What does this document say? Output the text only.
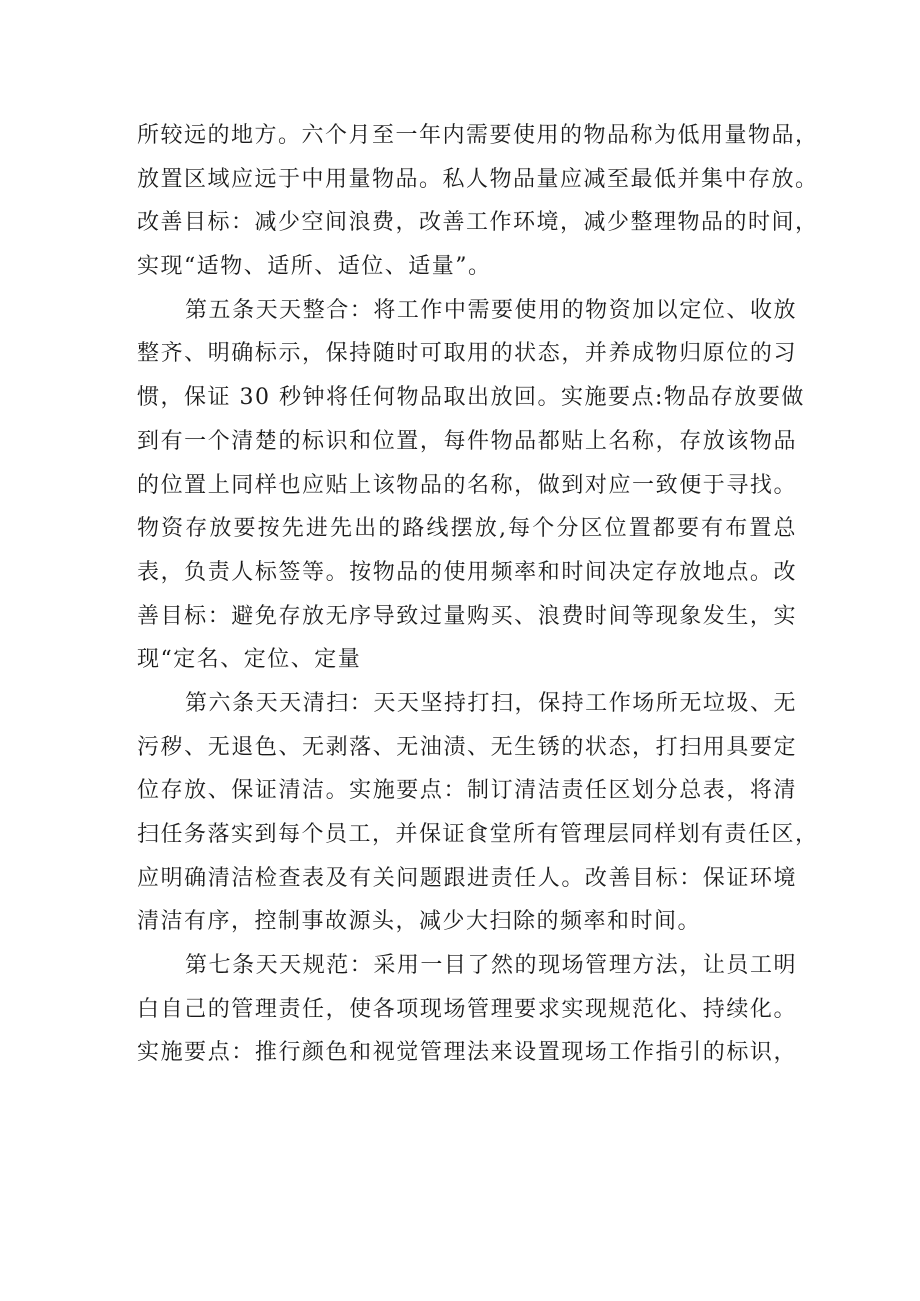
所较远的地方。六个月至一年内需要使用的物品称为低用量物品，
放置区域应远于中用量物品。私人物品量应减至最低并集中存放。
改善目标：减少空间浪费，改善工作环境，减少整理物品的时间，
实现“适物、适所、适位、适量”。
第五条天天整合：将工作中需要使用的物资加以定位、收放
整齐、明确标示，保持随时可取用的状态，并养成物归原位的习
惯，保证 30 秒钟将任何物品取出放回。实施要点:物品存放要做
到有一个清楚的标识和位置，每件物品都贴上名称，存放该物品
的位置上同样也应贴上该物品的名称，做到对应一致便于寻找。
物资存放要按先进先出的路线摆放,每个分区位置都要有布置总
表，负责人标签等。按物品的使用频率和时间决定存放地点。改
善目标：避免存放无序导致过量购买、浪费时间等现象发生，实
现“定名、定位、定量
第六条天天清扫：天天坚持打扫，保持工作场所无垃圾、无
污秽、无退色、无剥落、无油渍、无生锈的状态，打扫用具要定
位存放、保证清洁。实施要点：制订清洁责任区划分总表，将清
扫任务落实到每个员工，并保证食堂所有管理层同样划有责任区，
应明确清洁检查表及有关问题跟进责任人。改善目标：保证环境
清洁有序，控制事故源头，减少大扫除的频率和时间。
第七条天天规范：采用一目了然的现场管理方法，让员工明
白自己的管理责任，使各项现场管理要求实现规范化、持续化。
实施要点：推行颜色和视觉管理法来设置现场工作指引的标识，
